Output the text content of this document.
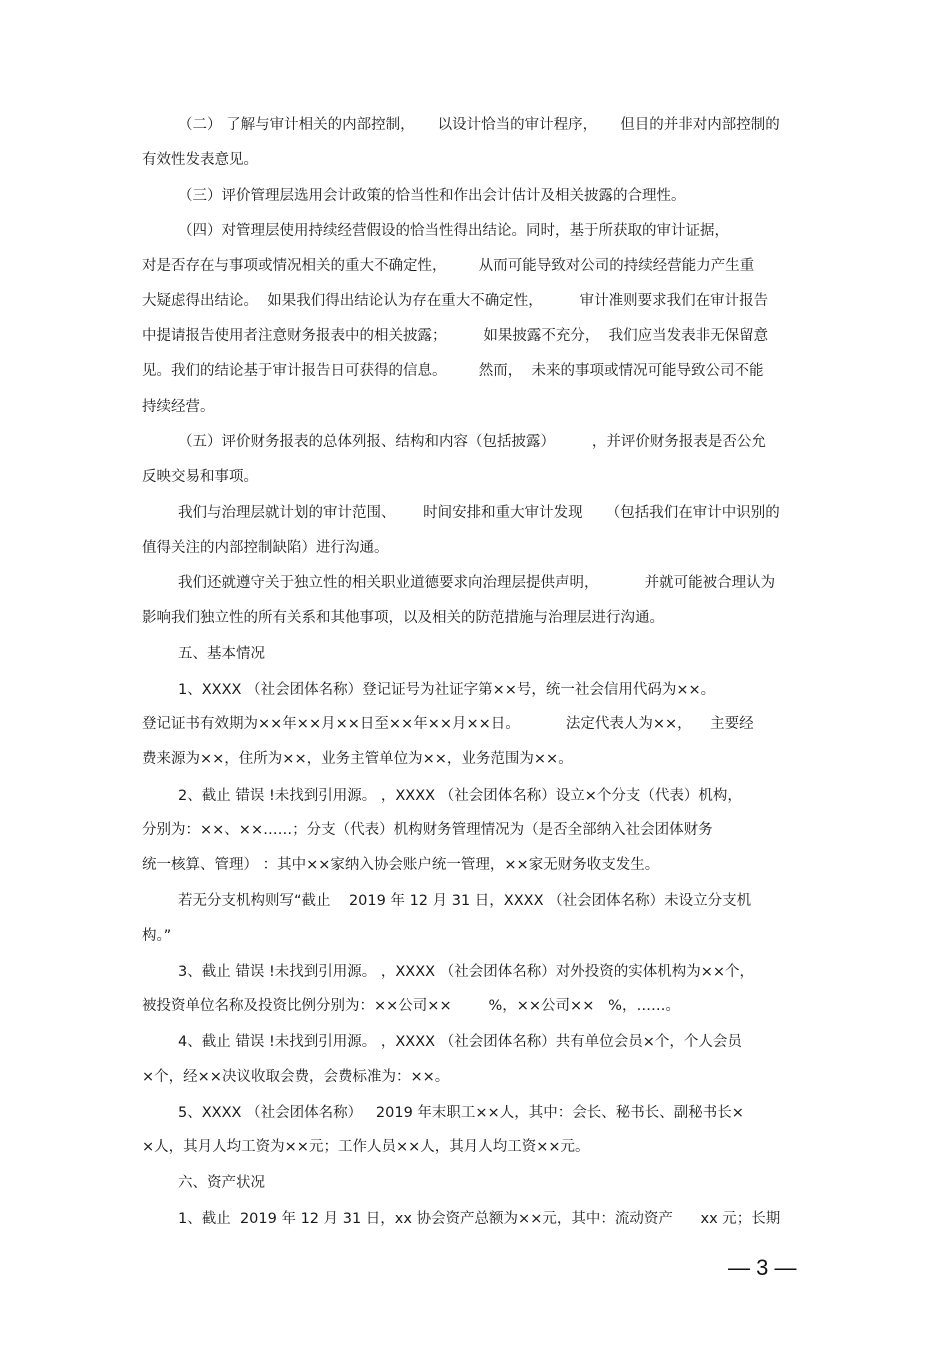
（二） 了解与审计相关的内部控制，     以设计恰当的审计程序，     但目的并非对内部控制的
有效性发表意见。
（三）评价管理层选用会计政策的恰当性和作出会计估计及相关披露的合理性。
（四）对管理层使用持续经营假设的恰当性得出结论。同时，基于所获取的审计证据，
对是否存在与事项或情况相关的重大不确定性，       从而可能导致对公司的持续经营能力产生重
大疑虑得出结论。  如果我们得出结论认为存在重大不确定性，        审计准则要求我们在审计报告
中提请报告使用者注意财务报表中的相关披露；        如果披露不充分，  我们应当发表非无保留意
见。我们的结论基于审计报告日可获得的信息。       然而，  未来的事项或情况可能导致公司不能
持续经营。
（五）评价财务报表的总体列报、结构和内容（包括披露）        ，并评价财务报表是否公允
反映交易和事项。
我们与治理层就计划的审计范围、      时间安排和重大审计发现     （包括我们在审计中识别的
值得关注的内部控制缺陷）进行沟通。
我们还就遵守关于独立性的相关职业道德要求向治理层提供声明，          并就可能被合理认为
影响我们独立性的所有关系和其他事项，以及相关的防范措施与治理层进行沟通。
五、基本情况
1、XXXX （社会团体名称）登记证号为社证字第××号，统一社会信用代码为××。
登记证书有效期为××年××月××日至××年××月××日。          法定代表人为××，    主要经
费来源为××，住所为××，业务主管单位为××，业务范围为××。
2、截止 错误 !未找到引用源。 ，XXXX （社会团体名称）设立×个分支（代表）机构，
分别为：××、××……；分支（代表）机构财务管理情况为（是否全部纳入社会团体财务
统一核算、管理） ：其中××家纳入协会账户统一管理，××家无财务收支发生。
若无分支机构则写“截止    2019 年 12 月 31 日，XXXX （社会团体名称）未设立分支机
构。”
3、截止 错误 !未找到引用源。 ，XXXX （社会团体名称）对外投资的实体机构为××个，
被投资单位名称及投资比例分别为：××公司××        %，××公司××   %，……。
4、截止 错误 !未找到引用源。 ，XXXX （社会团体名称）共有单位会员×个，个人会员
×个，经××决议收取会费，会费标准为：××。
5、XXXX （社会团体名称）   2019 年末职工××人，其中：会长、秘书长、副秘书长×
×人，其月人均工资为××元；工作人员××人，其月人均工资××元。
六、资产状况
1、截止  2019 年 12 月 31 日，xx 协会资产总额为××元，其中：流动资产      xx 元；长期
— 3 —
